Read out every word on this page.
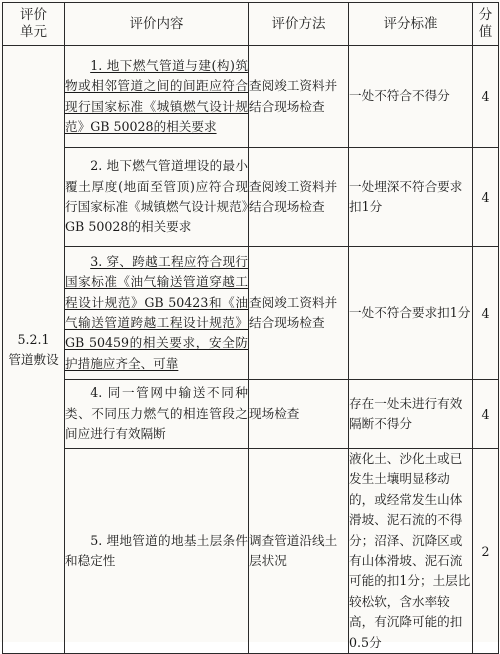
评价
单元	评价内容	评价方法	评分标准	分
值

5.2.1
管道敷设	1. 地下燃气管道与建(构)筑物或相邻管道之间的间距应符合现行国家标准《城镇燃气设计规范》GB 50028的相关要求	查阅竣工资料并结合现场检查	一处不符合不得分	4
	2. 地下燃气管道埋设的最小覆土厚度(地面至管顶)应符合现行国家标准《城镇燃气设计规范》GB 50028的相关要求	查阅竣工资料并结合现场检查	一处埋深不符合要求扣1分	4
	3. 穿、跨越工程应符合现行国家标准《油气输送管道穿越工程设计规范》GB 50423和《油气输送管道跨越工程设计规范》GB 50459的相关要求，安全防护措施应齐全、可靠	查阅竣工资料并结合现场检查	一处不符合要求扣1分	4
	4. 同一管网中输送不同种类、不同压力燃气的相连管段之间应进行有效隔断	现场检查	存在一处未进行有效隔断不得分	4
	5. 埋地管道的地基土层条件和稳定性	调查管道沿线土层状况	液化土、沙化土或已发生土壤明显移动的，或经常发生山体滑坡、泥石流的不得分；沼泽、沉降区或有山体滑坡、泥石流可能的扣1分；土层比较松软，含水率较高，有沉降可能的扣0.5分	2
